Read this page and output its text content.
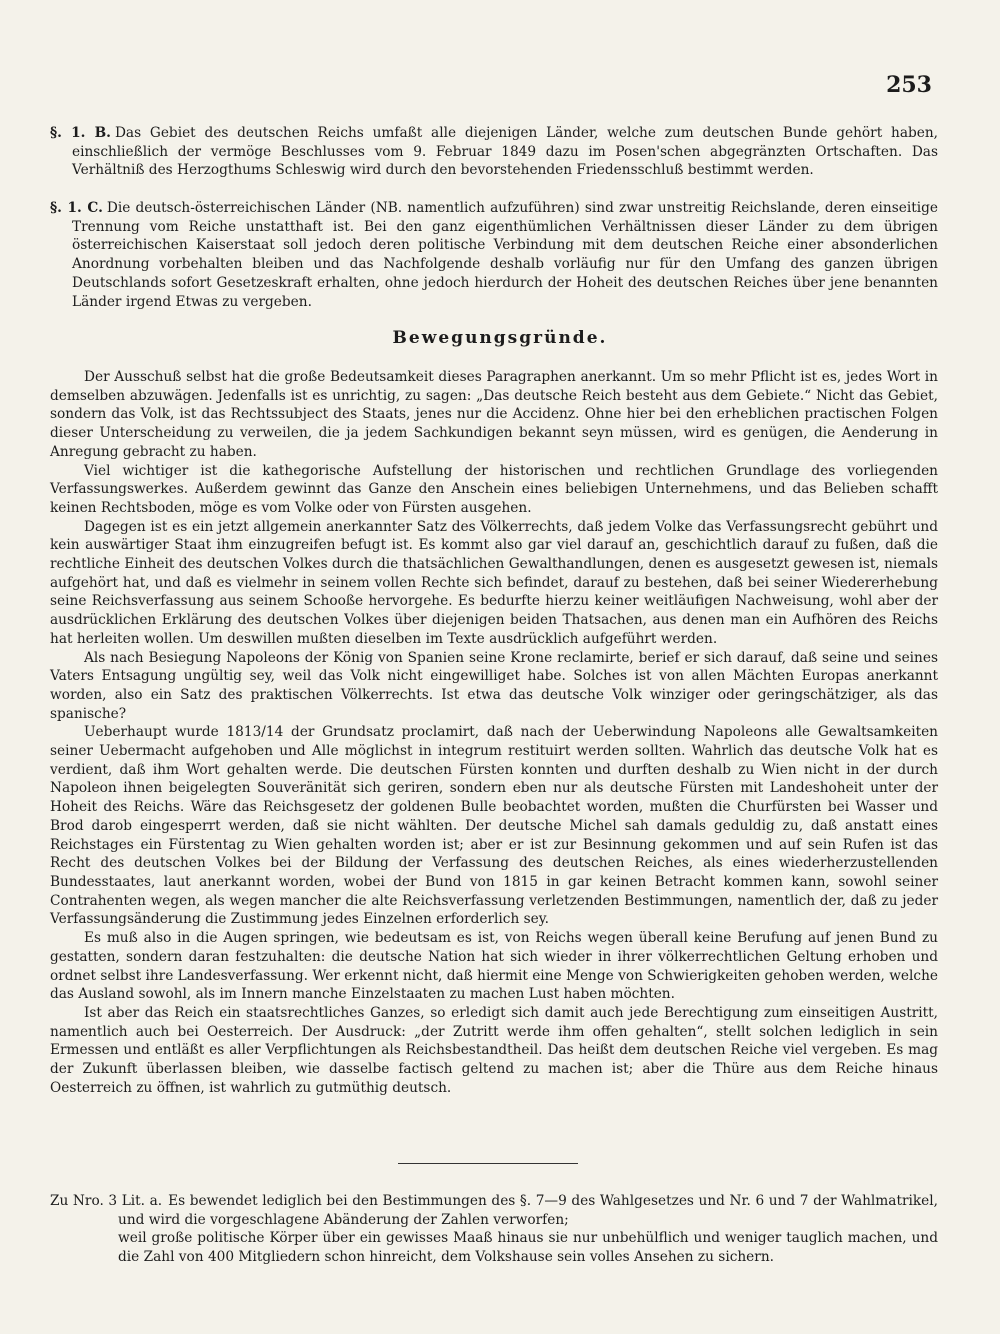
253

§. 1. B. Das Gebiet des deutschen Reichs umfaßt alle diejenigen Länder, welche zum deutschen Bunde gehört haben, einschließlich der vermöge Beschlusses vom 9. Februar 1849 dazu im Posen'schen abgegränzten Ortschaften. Das Verhältniß des Herzogthums Schleswig wird durch den bevorstehenden Friedensschluß bestimmt werden.

§. 1. C. Die deutsch-österreichischen Länder (NB. namentlich aufzuführen) sind zwar unstreitig Reichslande, deren einseitige Trennung vom Reiche unstatthaft ist. Bei den ganz eigenthümlichen Verhältnissen dieser Länder zu dem übrigen österreichischen Kaiserstaat soll jedoch deren politische Verbindung mit dem deutschen Reiche einer absonderlichen Anordnung vorbehalten bleiben und das Nachfolgende deshalb vorläufig nur für den Umfang des ganzen übrigen Deutschlands sofort Gesetzeskraft erhalten, ohne jedoch hierdurch der Hoheit des deutschen Reiches über jene benannten Länder irgend Etwas zu vergeben.

Bewegungsgründe.

Der Ausschuß selbst hat die große Bedeutsamkeit dieses Paragraphen anerkannt. Um so mehr Pflicht ist es, jedes Wort in demselben abzuwägen. Jedenfalls ist es unrichtig, zu sagen: „Das deutsche Reich besteht aus dem Gebiete.“ Nicht das Gebiet, sondern das Volk, ist das Rechtssubject des Staats, jenes nur die Accidenz. Ohne hier bei den erheblichen practischen Folgen dieser Unterscheidung zu verweilen, die ja jedem Sachkundigen bekannt seyn müssen, wird es genügen, die Aenderung in Anregung gebracht zu haben.

Viel wichtiger ist die kathegorische Aufstellung der historischen und rechtlichen Grundlage des vorliegenden Verfassungswerkes. Außerdem gewinnt das Ganze den Anschein eines beliebigen Unternehmens, und das Belieben schafft keinen Rechtsboden, möge es vom Volke oder von Fürsten ausgehen.

Dagegen ist es ein jetzt allgemein anerkannter Satz des Völkerrechts, daß jedem Volke das Verfassungsrecht gebührt und kein auswärtiger Staat ihm einzugreifen befugt ist. Es kommt also gar viel darauf an, geschichtlich darauf zu fußen, daß die rechtliche Einheit des deutschen Volkes durch die thatsächlichen Gewalthandlungen, denen es ausgesetzt gewesen ist, niemals aufgehört hat, und daß es vielmehr in seinem vollen Rechte sich befindet, darauf zu bestehen, daß bei seiner Wiedererhebung seine Reichsverfassung aus seinem Schooße hervorgehe. Es bedurfte hierzu keiner weitläufigen Nachweisung, wohl aber der ausdrücklichen Erklärung des deutschen Volkes über diejenigen beiden Thatsachen, aus denen man ein Aufhören des Reichs hat herleiten wollen. Um deswillen mußten dieselben im Texte ausdrücklich aufgeführt werden.

Als nach Besiegung Napoleons der König von Spanien seine Krone reclamirte, berief er sich darauf, daß seine und seines Vaters Entsagung ungültig sey, weil das Volk nicht eingewilliget habe. Solches ist von allen Mächten Europas anerkannt worden, also ein Satz des praktischen Völkerrechts. Ist etwa das deutsche Volk winziger oder geringschätziger, als das spanische?

Ueberhaupt wurde 1813/14 der Grundsatz proclamirt, daß nach der Ueberwindung Napoleons alle Gewaltsamkeiten seiner Uebermacht aufgehoben und Alle möglichst in integrum restituirt werden sollten. Wahrlich das deutsche Volk hat es verdient, daß ihm Wort gehalten werde. Die deutschen Fürsten konnten und durften deshalb zu Wien nicht in der durch Napoleon ihnen beigelegten Souveränität sich geriren, sondern eben nur als deutsche Fürsten mit Landeshoheit unter der Hoheit des Reichs. Wäre das Reichsgesetz der goldenen Bulle beobachtet worden, mußten die Churfürsten bei Wasser und Brod darob eingesperrt werden, daß sie nicht wählten. Der deutsche Michel sah damals geduldig zu, daß anstatt eines Reichstages ein Fürstentag zu Wien gehalten worden ist; aber er ist zur Besinnung gekommen und auf sein Rufen ist das Recht des deutschen Volkes bei der Bildung der Verfassung des deutschen Reiches, als eines wiederherzustellenden Bundesstaates, laut anerkannt worden, wobei der Bund von 1815 in gar keinen Betracht kommen kann, sowohl seiner Contrahenten wegen, als wegen mancher die alte Reichsverfassung verletzenden Bestimmungen, namentlich der, daß zu jeder Verfassungsänderung die Zustimmung jedes Einzelnen erforderlich sey.

Es muß also in die Augen springen, wie bedeutsam es ist, von Reichs wegen überall keine Berufung auf jenen Bund zu gestatten, sondern daran festzuhalten: die deutsche Nation hat sich wieder in ihrer völkerrechtlichen Geltung erhoben und ordnet selbst ihre Landesverfassung. Wer erkennt nicht, daß hiermit eine Menge von Schwierigkeiten gehoben werden, welche das Ausland sowohl, als im Innern manche Einzelstaaten zu machen Lust haben möchten.

Ist aber das Reich ein staatsrechtliches Ganzes, so erledigt sich damit auch jede Berechtigung zum einseitigen Austritt, namentlich auch bei Oesterreich. Der Ausdruck: „der Zutritt werde ihm offen gehalten“, stellt solchen lediglich in sein Ermessen und entläßt es aller Verpflichtungen als Reichsbestandtheil. Das heißt dem deutschen Reiche viel vergeben. Es mag der Zukunft überlassen bleiben, wie dasselbe factisch geltend zu machen ist; aber die Thüre aus dem Reiche hinaus Oesterreich zu öffnen, ist wahrlich zu gutmüthig deutsch.

Zu Nro. 3 Lit. a. Es bewendet lediglich bei den Bestimmungen des §. 7—9 des Wahlgesetzes und Nr. 6 und 7 der Wahlmatrikel, und wird die vorgeschlagene Abänderung der Zahlen verworfen;

weil große politische Körper über ein gewisses Maaß hinaus sie nur unbehülflich und weniger tauglich machen, und die Zahl von 400 Mitgliedern schon hinreicht, dem Volkshause sein volles Ansehen zu sichern.
